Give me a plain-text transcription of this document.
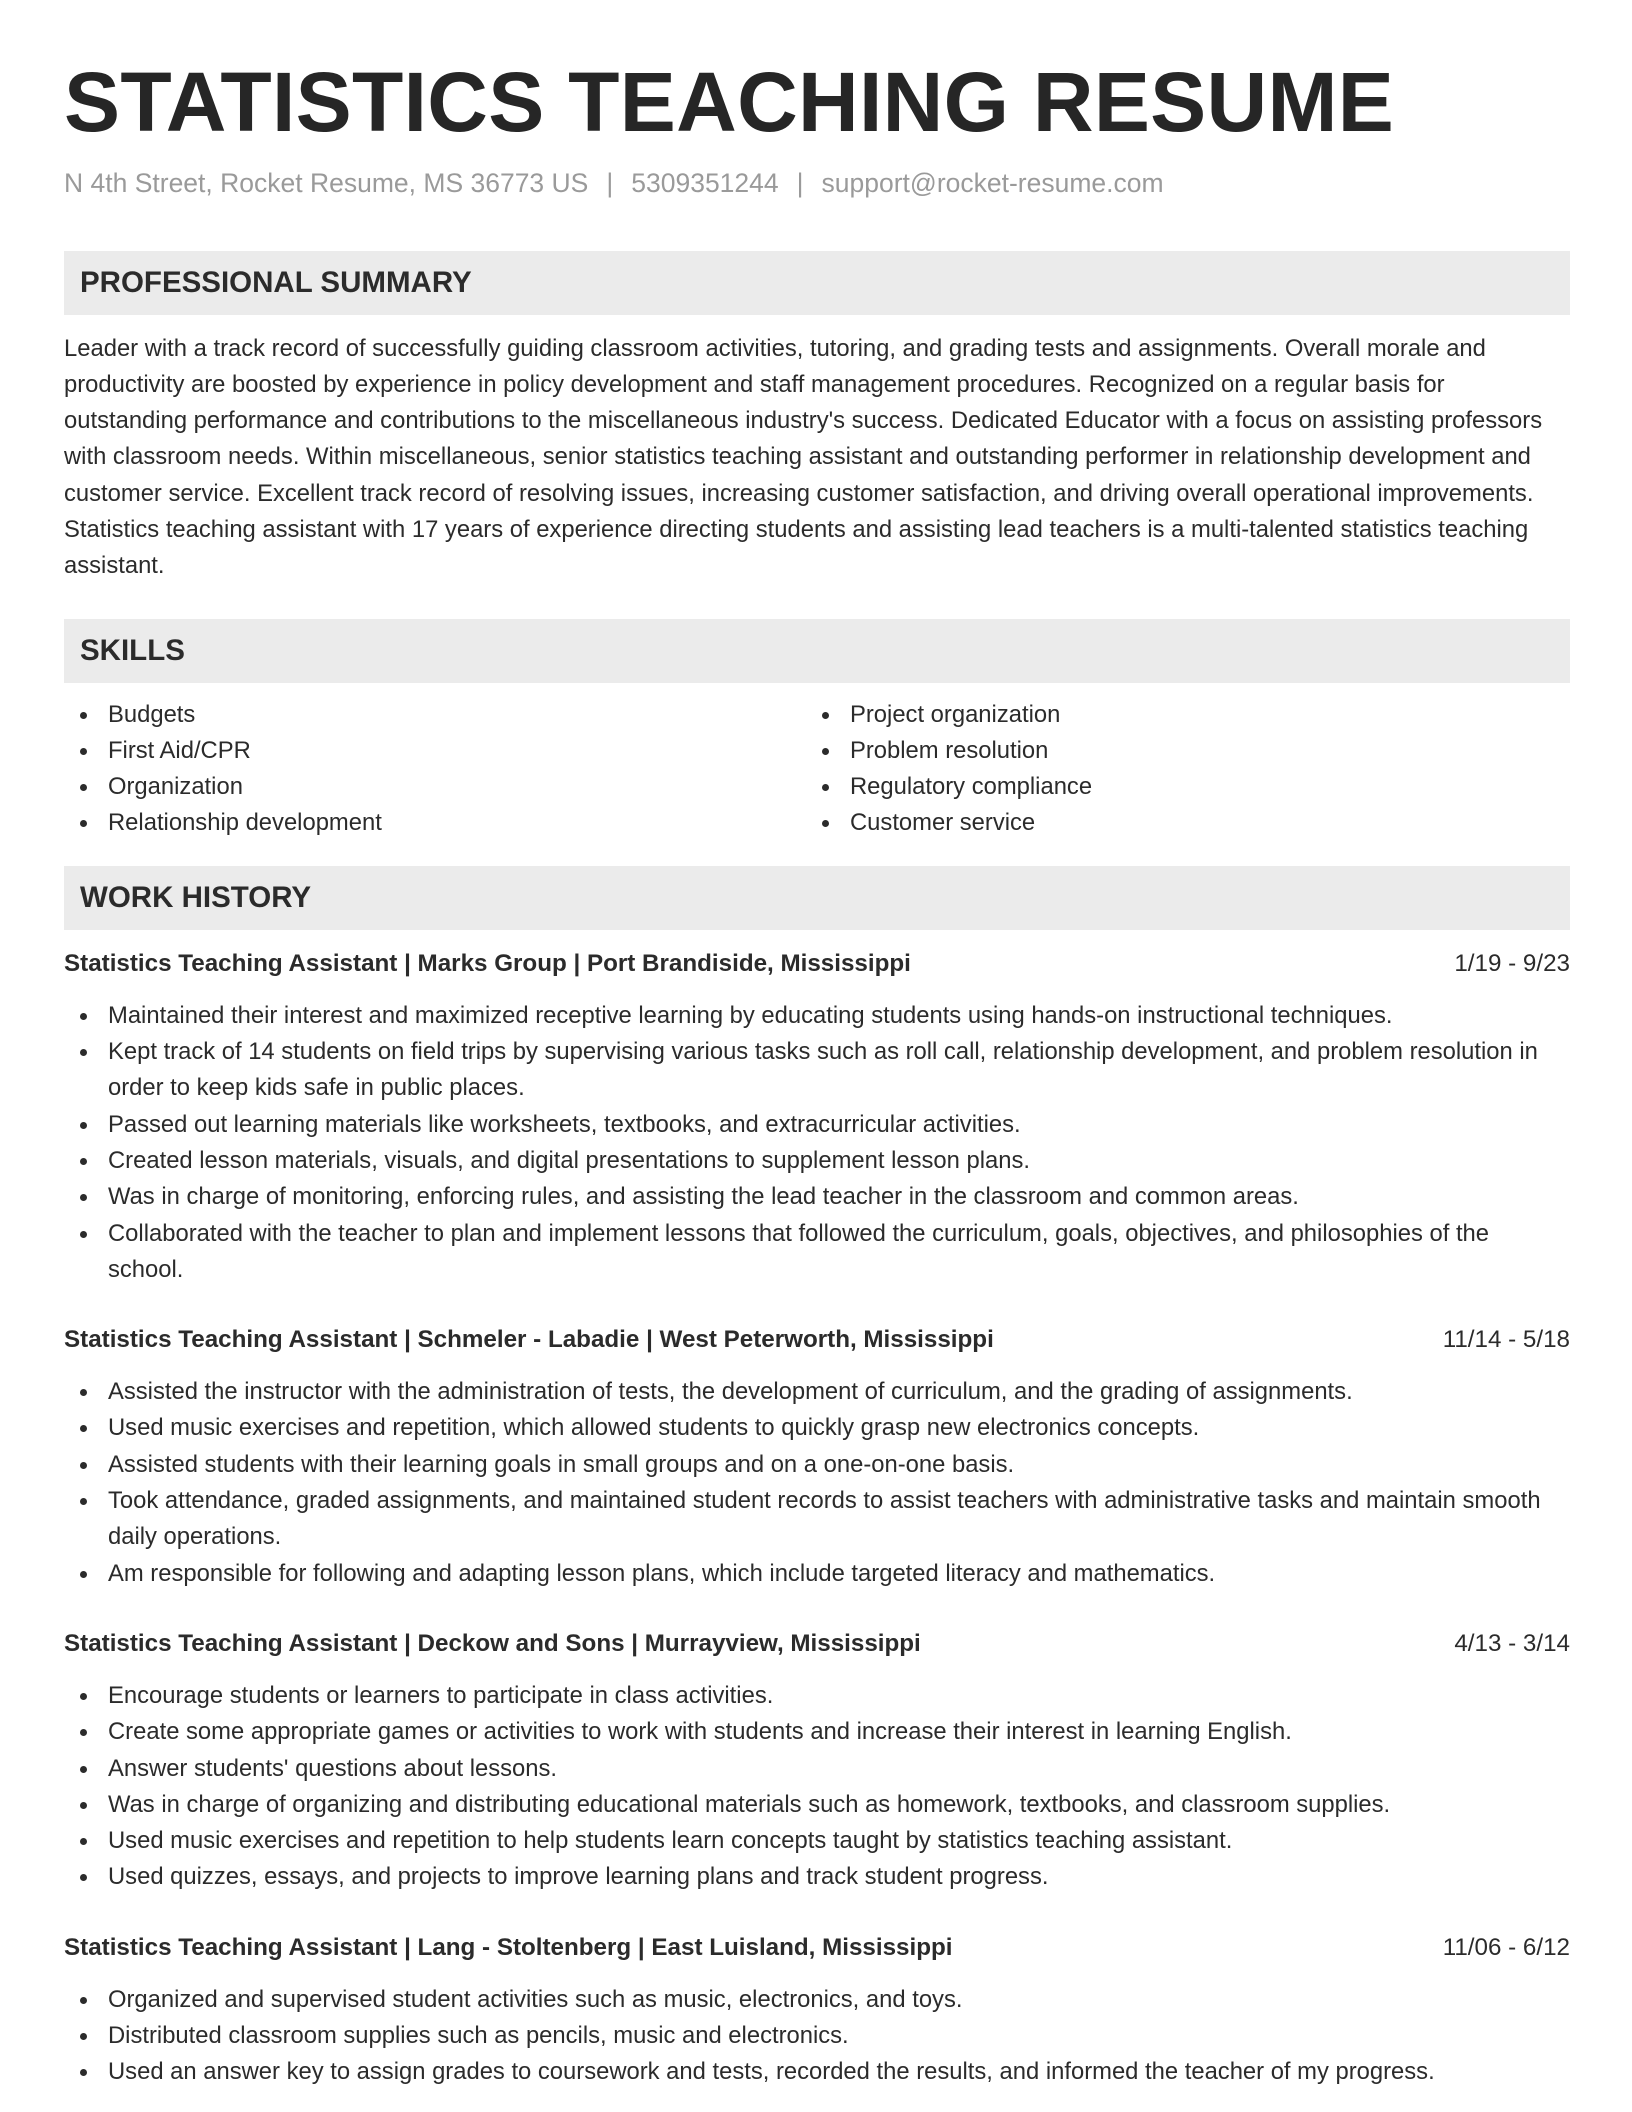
STATISTICS TEACHING RESUME
N 4th Street, Rocket Resume, MS 36773 US | 5309351244 | support@rocket-resume.com
PROFESSIONAL SUMMARY
Leader with a track record of successfully guiding classroom activities, tutoring, and grading tests and assignments. Overall morale and productivity are boosted by experience in policy development and staff management procedures. Recognized on a regular basis for outstanding performance and contributions to the miscellaneous industry's success. Dedicated Educator with a focus on assisting professors with classroom needs. Within miscellaneous, senior statistics teaching assistant and outstanding performer in relationship development and customer service. Excellent track record of resolving issues, increasing customer satisfaction, and driving overall operational improvements. Statistics teaching assistant with 17 years of experience directing students and assisting lead teachers is a multi-talented statistics teaching assistant.
SKILLS
Budgets
First Aid/CPR
Organization
Relationship development
Project organization
Problem resolution
Regulatory compliance
Customer service
WORK HISTORY
Statistics Teaching Assistant | Marks Group | Port Brandiside, Mississippi	1/19 - 9/23
Maintained their interest and maximized receptive learning by educating students using hands-on instructional techniques.
Kept track of 14 students on field trips by supervising various tasks such as roll call, relationship development, and problem resolution in order to keep kids safe in public places.
Passed out learning materials like worksheets, textbooks, and extracurricular activities.
Created lesson materials, visuals, and digital presentations to supplement lesson plans.
Was in charge of monitoring, enforcing rules, and assisting the lead teacher in the classroom and common areas.
Collaborated with the teacher to plan and implement lessons that followed the curriculum, goals, objectives, and philosophies of the school.
Statistics Teaching Assistant | Schmeler - Labadie | West Peterworth, Mississippi	11/14 - 5/18
Assisted the instructor with the administration of tests, the development of curriculum, and the grading of assignments.
Used music exercises and repetition, which allowed students to quickly grasp new electronics concepts.
Assisted students with their learning goals in small groups and on a one-on-one basis.
Took attendance, graded assignments, and maintained student records to assist teachers with administrative tasks and maintain smooth daily operations.
Am responsible for following and adapting lesson plans, which include targeted literacy and mathematics.
Statistics Teaching Assistant | Deckow and Sons | Murrayview, Mississippi	4/13 - 3/14
Encourage students or learners to participate in class activities.
Create some appropriate games or activities to work with students and increase their interest in learning English.
Answer students' questions about lessons.
Was in charge of organizing and distributing educational materials such as homework, textbooks, and classroom supplies.
Used music exercises and repetition to help students learn concepts taught by statistics teaching assistant.
Used quizzes, essays, and projects to improve learning plans and track student progress.
Statistics Teaching Assistant | Lang - Stoltenberg | East Luisland, Mississippi	11/06 - 6/12
Organized and supervised student activities such as music, electronics, and toys.
Distributed classroom supplies such as pencils, music and electronics.
Used an answer key to assign grades to coursework and tests, recorded the results, and informed the teacher of my progress.
